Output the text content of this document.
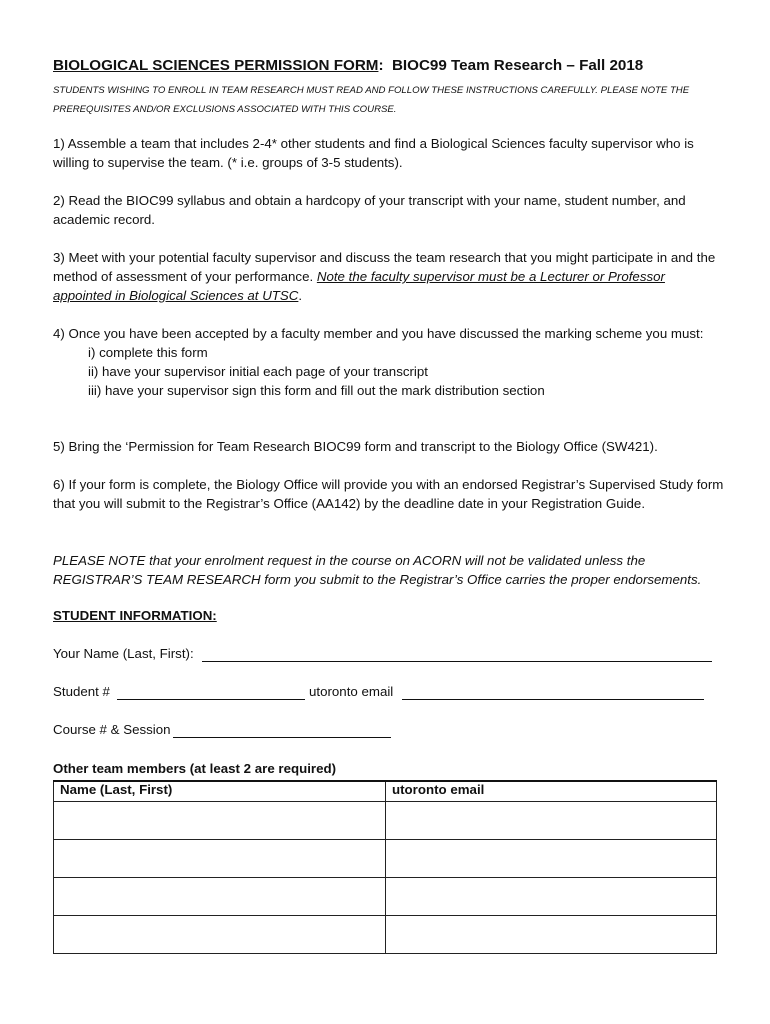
BIOLOGICAL SCIENCES PERMISSION FORM: BIOC99 Team Research – Fall 2018
STUDENTS WISHING TO ENROLL IN TEAM RESEARCH MUST READ AND FOLLOW THESE INSTRUCTIONS CAREFULLY. PLEASE NOTE THE PREREQUISITES AND/OR EXCLUSIONS ASSOCIATED WITH THIS COURSE.
1) Assemble a team that includes 2-4* other students and find a Biological Sciences faculty supervisor who is willing to supervise the team. (* i.e. groups of 3-5 students).
2) Read the BIOC99 syllabus and obtain a hardcopy of your transcript with your name, student number, and academic record.
3) Meet with your potential faculty supervisor and discuss the team research that you might participate in and the method of assessment of your performance. Note the faculty supervisor must be a Lecturer or Professor appointed in Biological Sciences at UTSC.
4) Once you have been accepted by a faculty member and you have discussed the marking scheme you must:
i) complete this form
ii) have your supervisor initial each page of your transcript
iii) have your supervisor sign this form and fill out the mark distribution section
5) Bring the ‘Permission for Team Research BIOC99 form and transcript to the Biology Office (SW421).
6) If your form is complete, the Biology Office will provide you with an endorsed Registrar’s Supervised Study form that you will submit to the Registrar’s Office (AA142) by the deadline date in your Registration Guide.
PLEASE NOTE that your enrolment request in the course on ACORN will not be validated unless the REGISTRAR’S TEAM RESEARCH form you submit to the Registrar’s Office carries the proper endorsements.
STUDENT INFORMATION:
Your Name (Last, First):
Student #	utoronto email
Course # & Session
Other team members (at least 2 are required)
Name (Last, First)	utoronto email
